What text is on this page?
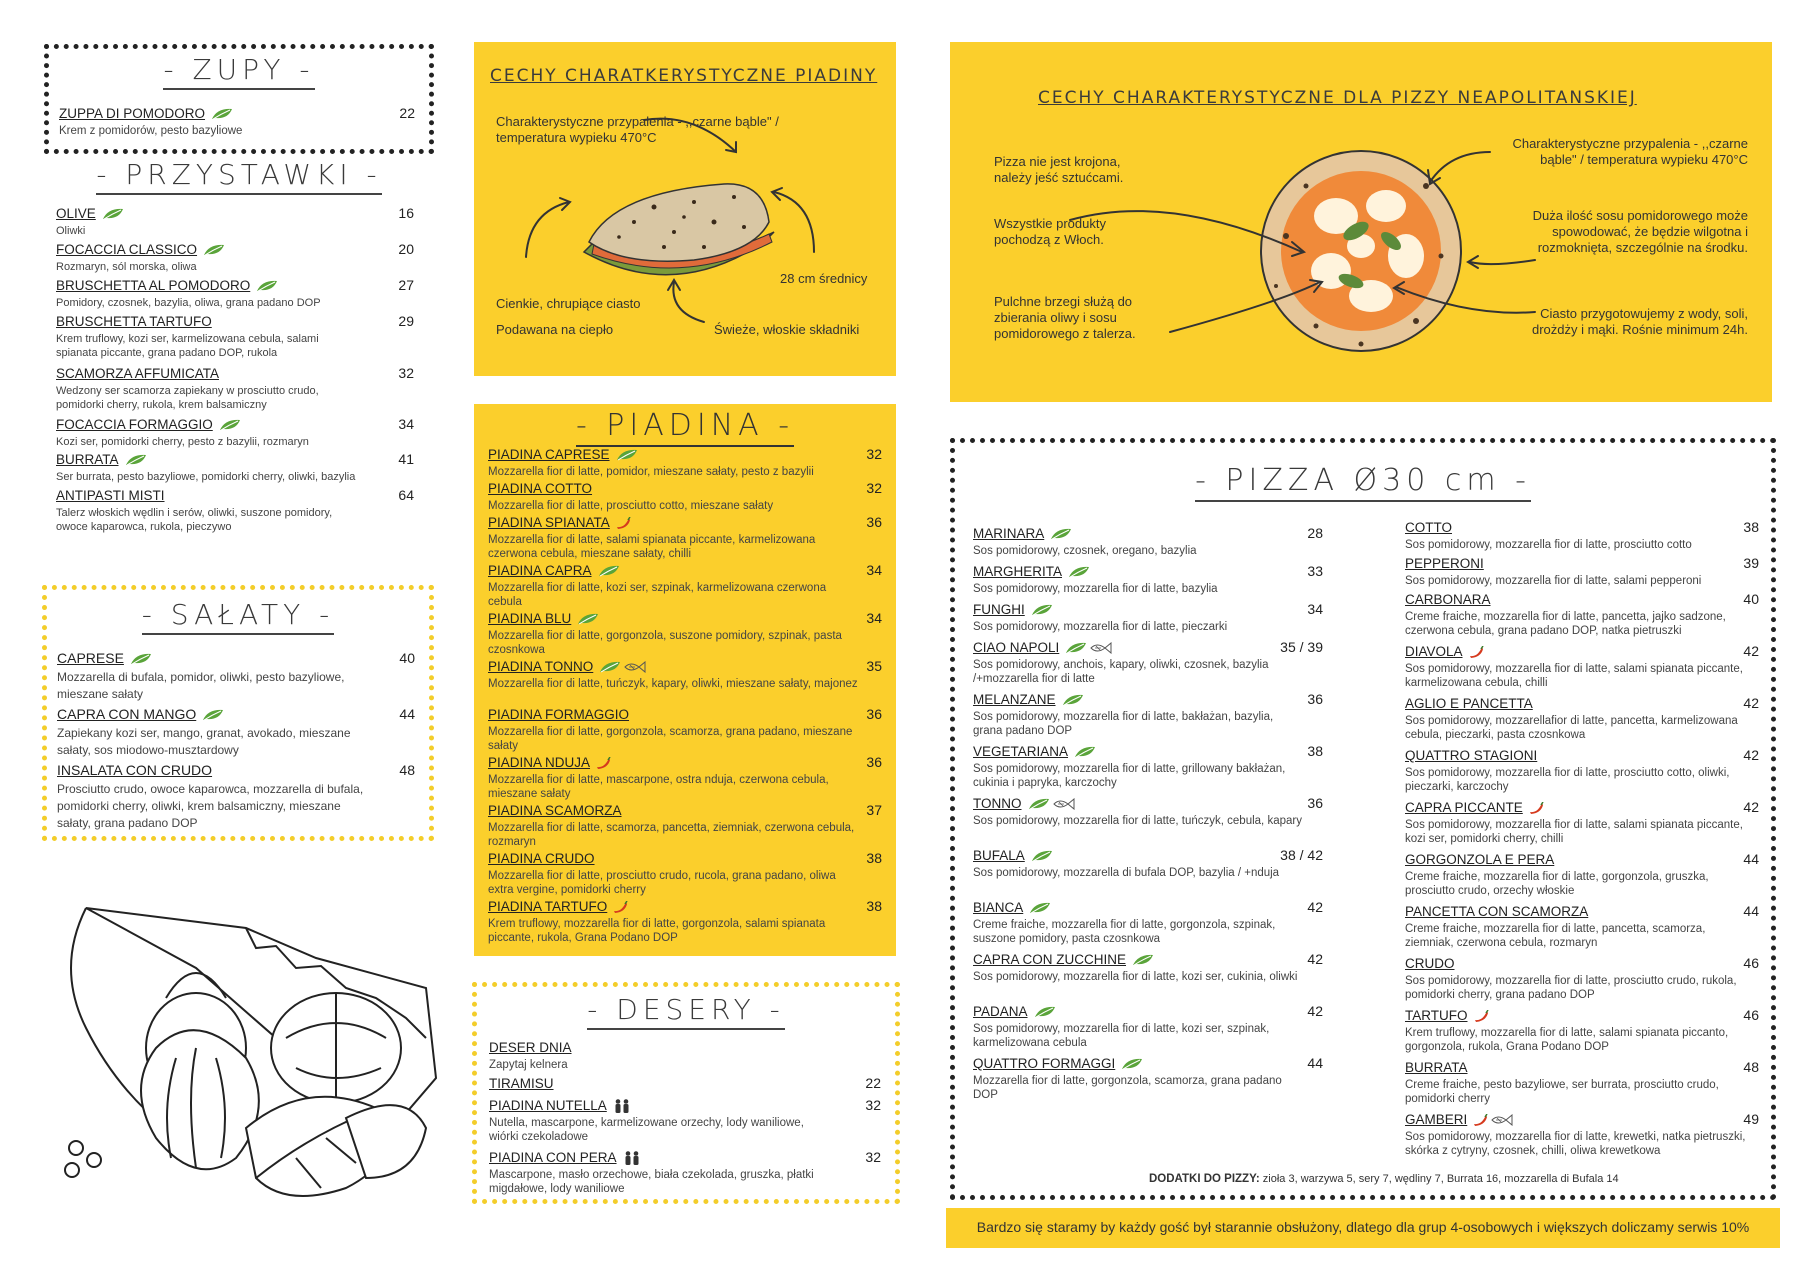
- ZUPY -
ZUPPA DI POMODORO	22
Krem z pomidorów, pesto bazyliowe
- PRZYSTAWKI -
OLIVE	16
Oliwki
FOCACCIA CLASSICO	20
Rozmaryn, sól morska, oliwa
BRUSCHETTA AL POMODORO	27
Pomidory, czosnek, bazylia, oliwa, grana padano DOP
BRUSCHETTA TARTUFO	29
Krem truflowy, kozi ser, karmelizowana cebula, salami spianata piccante, grana padano DOP, rukola
SCAMORZA AFFUMICATA	32
Wedzony ser scamorza zapiekany w prosciutto crudo, pomidorki cherry, rukola, krem balsamiczny
FOCACCIA FORMAGGIO	34
Kozi ser, pomidorki cherry, pesto z bazylii, rozmaryn
BURRATA	41
Ser burrata, pesto bazyliowe, pomidorki cherry, oliwki, bazylia
ANTIPASTI MISTI	64
Talerz włoskich wędlin i serów, oliwki, suszone pomidory, owoce kaparowca, rukola, pieczywo
- SAŁATY -
CAPRESE	40
Mozzarella di bufala, pomidor, oliwki, pesto bazyliowe, mieszane sałaty
CAPRA CON MANGO	44
Zapiekany kozi ser, mango, granat, avokado, mieszane sałaty, sos miodowo-musztardowy
INSALATA CON CRUDO	48
Prosciutto crudo, owoce kaparowca, mozzarella di bufala, pomidorki cherry, oliwki, krem balsamiczny, mieszane sałaty, grana padano DOP
CECHY CHARATKERYSTYCZNE PIADINY
Charakterystyczne przypalenia - ,,czarne bąble" / temperatura wypieku 470°C
28 cm średnicy
Cienkie, chrupiące ciasto
Podawana na ciepło	Świeże, włoskie składniki
- PIADINA -
PIADINA CAPRESE	32
Mozzarella fior di latte, pomidor, mieszane sałaty, pesto z bazylii
PIADINA COTTO	32
Mozzarella fior di latte, prosciutto cotto, mieszane sałaty
PIADINA SPIANATA	36
Mozzarella fior di latte, salami spianata piccante, karmelizowana czerwona cebula, mieszane sałaty, chilli
PIADINA CAPRA	34
Mozzarella fior di latte, kozi ser, szpinak, karmelizowana czerwona cebula
PIADINA BLU	34
Mozzarella fior di latte, gorgonzola, suszone pomidory, szpinak, pasta czosnkowa
PIADINA TONNO	35
Mozzarella fior di latte, tuńczyk, kapary, oliwki, mieszane sałaty, majonez
PIADINA FORMAGGIO	36
Mozzarella fior di latte, gorgonzola, scamorza, grana padano, mieszane sałaty
PIADINA NDUJA	36
Mozzarella fior di latte, mascarpone, ostra nduja, czerwona cebula, mieszane sałaty
PIADINA SCAMORZA	37
Mozzarella fior di latte, scamorza, pancetta, ziemniak, czerwona cebula, rozmaryn
PIADINA CRUDO	38
Mozzarella fior di latte, prosciutto crudo, rucola, grana padano, oliwa extra vergine, pomidorki cherry
PIADINA TARTUFO	38
Krem truflowy, mozzarella fior di latte, gorgonzola, salami spianata piccante, rukola, Grana Podano DOP
- DESERY -
DESER DNIA
Zapytaj kelnera
TIRAMISU	22
PIADINA NUTELLA	32
Nutella, mascarpone, karmelizowane orzechy, lody waniliowe, wiórki czekoladowe
PIADINA CON PERA	32
Mascarpone, masło orzechowe, biała czekolada, gruszka, płatki migdałowe, lody waniliowe
CECHY CHARAKTERYSTYCZNE DLA PIZZY NEAPOLITANSKIEJ
Pizza nie jest krojona, należy jeść sztućcami.
Wszystkie produkty pochodzą z Włoch.
Pulchne brzegi służą do zbierania oliwy i sosu pomidorowego z talerza.
Charakterystyczne przypalenia - ,,czarne bąble" / temperatura wypieku 470°C
Duża ilość sosu pomidorowego może spowodować, że będzie wilgotna i rozmoknięta, szczególnie na środku.
Ciasto przygotowujemy z wody, soli, drożdży i mąki. Rośnie minimum 24h.
- PIZZA Ø30 cm -
MARINARA	28
Sos pomidorowy, czosnek, oregano, bazylia
MARGHERITA	33
Sos pomidorowy, mozzarella fior di latte, bazylia
FUNGHI	34
Sos pomidorowy, mozzarella fior di latte, pieczarki
CIAO NAPOLI	35 / 39
Sos pomidorowy, anchois, kapary, oliwki, czosnek, bazylia /+mozzarella fior di latte
MELANZANE	36
Sos pomidorowy, mozzarella fior di latte, bakłażan, bazylia, grana padano DOP
VEGETARIANA	38
Sos pomidorowy, mozzarella fior di latte, grillowany bakłażan, cukinia i papryka, karczochy
TONNO	36
Sos pomidorowy, mozzarella fior di latte, tuńczyk, cebula, kapary
BUFALA	38 / 42
Sos pomidorowy, mozzarella di bufala DOP, bazylia / +nduja
BIANCA	42
Creme fraiche, mozzarella fior di latte, gorgonzola, szpinak, suszone pomidory, pasta czosnkowa
CAPRA CON ZUCCHINE	42
Sos pomidorowy, mozzarella fior di latte, kozi ser, cukinia, oliwki
PADANA	42
Sos pomidorowy, mozzarella fior di latte, kozi ser, szpinak, karmelizowana cebula
QUATTRO FORMAGGI	44
Mozzarella fior di latte, gorgonzola, scamorza, grana padano DOP
COTTO	38
Sos pomidorowy, mozzarella fior di latte, prosciutto cotto
PEPPERONI	39
Sos pomidorowy, mozzarella fior di latte, salami pepperoni
CARBONARA	40
Creme fraiche, mozzarella fior di latte, pancetta, jajko sadzone, czerwona cebula, grana padano DOP, natka pietruszki
DIAVOLA	42
Sos pomidorowy, mozzarella fior di latte, salami spianata piccante, karmelizowana cebula, chilli
AGLIO E PANCETTA	42
Sos pomidorowy, mozzarellafior di latte, pancetta, karmelizowana cebula, pieczarki, pasta czosnkowa
QUATTRO STAGIONI	42
Sos pomidorowy, mozzarella fior di latte, prosciutto cotto, oliwki, pieczarki, karczochy
CAPRA PICCANTE	42
Sos pomidorowy, mozzarella fior di latte, salami spianata piccante, kozi ser, pomidorki cherry, chilli
GORGONZOLA E PERA	44
Creme fraiche, mozzarella fior di latte, gorgonzola, gruszka, prosciutto crudo, orzechy włoskie
PANCETTA CON SCAMORZA	44
Creme fraiche, mozzarella fior di latte, pancetta, scamorza, ziemniak, czerwona cebula, rozmaryn
CRUDO	46
Sos pomidorowy, mozzarella fior di latte, prosciutto crudo, rukola, pomidorki cherry, grana padano DOP
TARTUFO	46
Krem truflowy, mozzarella fior di latte, salami spianata piccanto, gorgonzola, rukola, Grana Podano DOP
BURRATA	48
Creme fraiche, pesto bazyliowe, ser burrata, prosciutto crudo, pomidorki cherry
GAMBERI	49
Sos pomidorowy, mozzarella fior di latte, krewetki, natka pietruszki, skórka z cytryny, czosnek, chilli, oliwa krewetkowa
DODATKI DO PIZZY: zioła 3, warzywa 5, sery 7, wędliny 7, Burrata 16, mozzarella di Bufala 14
Bardzo się staramy by każdy gość był starannie obsłużony, dlatego dla grup 4-osobowych i większych doliczamy serwis 10%
